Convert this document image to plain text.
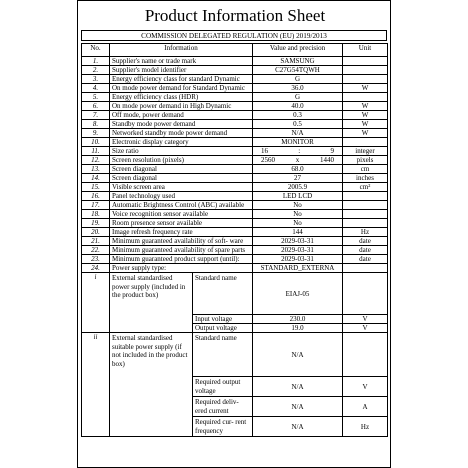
Product Information Sheet
COMMISSION DELEGATED REGULATION (EU) 2019/2013
No.	Information		Value and precision	Unit
1.	Supplier's name or trade mark		SAMSUNG	
2.	Supplier's model identifier		C27G54TQWH	
3.	Energy efficiency class for standard Dynamic		G	
4.	On mode power demand for Standard Dynamic		36.0	W
5.	Energy efficiency class (HDR)		G	
6.	On mode power demand in High Dynamic		40.0	W
7.	Off mode, power demand		0.3	W
8.	Standby mode power demand		0.5	W
9.	Networked standby mode power demand		N/A	W
10.	Electronic display category		MONITOR	
11.	Size ratio		16 : 9	integer
12.	Screen resolution (pixels)		2560 x 1440	pixels
13.	Screen diagonal		68.0	cm
14.	Screen diagonal		27	inches
15.	Visible screen area		2005.9	cm²
16.	Panel technology used		LED LCD	
17.	Automatic Brightness Control (ABC) available		No	
18.	Voice recognition sensor available		No	
19.	Room presence sensor available		No	
20.	Image refresh frequency rate		144	Hz
21.	Minimum guaranteed availability of soft- ware		2029-03-31	date
22.	Minimum guaranteed availability of spare parts		2029-03-31	date
23.	Minimum guaranteed product support (until):		2029-03-31	date
24.	Power supply type:		STANDARD_EXTERNA	
i	External standardised power supply (included in the product box)	Standard name	EIAJ-05	
		Input voltage	230.0	V
		Output voltage	19.0	V
ii	External standardised suitable power supply (if not included in the product box)	Standard name	N/A	
		Required output voltage	N/A	V
		Required deliv- ered current	N/A	A
		Required cur- rent frequency	N/A	Hz
